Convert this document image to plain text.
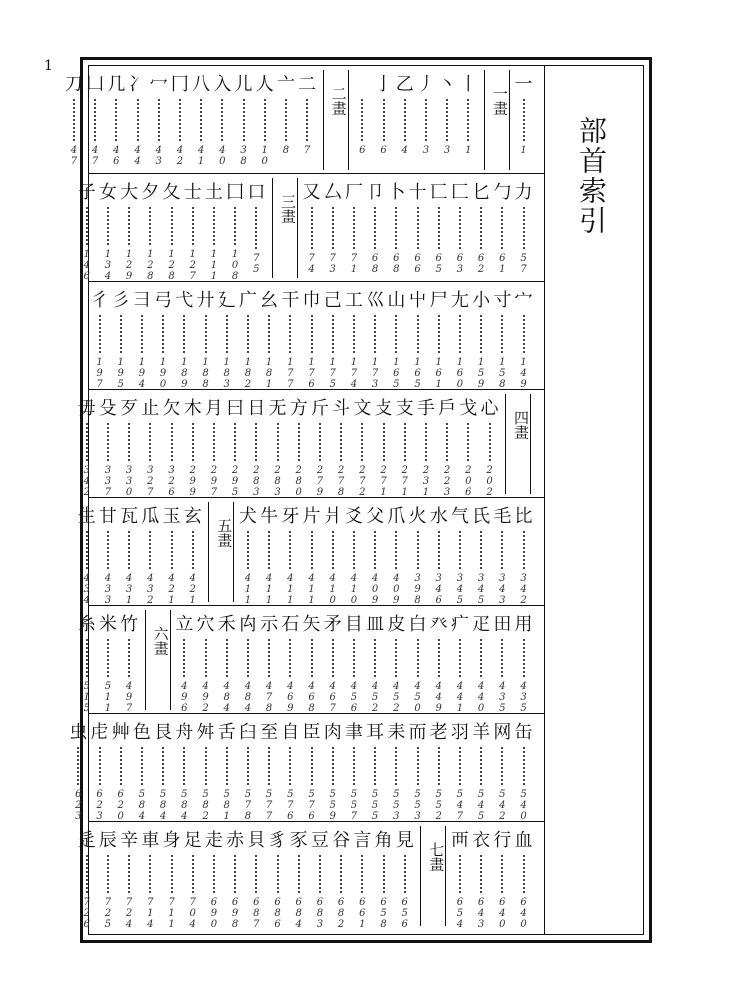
1
部首索引
一
1
一畫
丨
1
丶
3
丿
3
乙
4
亅
6
6
二畫
二
7
亠
8
人
1
0
儿
3
8
入
4
0
八
4
1
冂
4
2
冖
4
3
冫
4
4
几
4
6
凵
4
7
刀
4
7
力
5
7
勹
6
1
匕
6
2
匚
6
3
匸
6
5
十
6
6
卜
6
8
卩
6
8
厂
7
1
厶
7
3
又
7
4
三畫
口
7
5
囗
1
0
8
土
1
1
1
士
1
2
7
夂
1
2
8
夕
1
2
8
大
1
2
9
女
1
3
4
子
1
4
6
宀
1
4
9
寸
1
5
8
小
1
5
9
尢
1
6
0
尸
1
6
1
屮
1
6
5
山
1
6
5
巛
1
7
3
工
1
7
4
己
1
7
5
巾
1
7
6
干
1
7
7
幺
1
8
1
广
1
8
2
廴
1
8
3
廾
1
8
8
弋
1
8
9
弓
1
9
0
彐
1
9
4
彡
1
9
5
彳
1
9
7
四畫
心
2
0
2
戈
2
0
6
戶
2
2
3
手
2
3
1
支
2
7
1
攴
2
7
1
文
2
7
2
斗
2
7
8
斤
2
7
9
方
2
8
0
无
2
8
3
日
2
8
3
曰
2
9
5
月
2
9
7
木
2
9
9
欠
3
2
6
止
3
2
7
歹
3
3
0
殳
3
3
7
毋
3
4
2
比
3
4
2
毛
3
4
3
氏
3
4
5
气
3
4
5
水
3
4
6
火
3
9
8
爪
4
0
9
父
4
0
9
爻
4
1
0
爿
4
1
0
片
4
1
1
牙
4
1
1
牛
4
1
1
犬
4
1
1
五畫
玄
4
2
1
玉
4
2
1
瓜
4
3
2
瓦
4
3
1
甘
4
3
3
生
4
3
4
用
4
3
5
田
4
3
5
疋
4
4
0
疒
4
4
1
癶
4
4
9
白
4
5
0
皮
4
5
2
皿
4
5
2
目
4
5
6
矛
4
6
7
矢
4
6
8
石
4
6
9
示
4
7
8
禸
4
8
4
禾
4
8
4
穴
4
9
2
立
4
9
6
六畫
竹
4
9
7
米
5
1
1
糸
5
1
5
缶
5
4
0
网
5
4
2
羊
5
4
5
羽
5
4
7
老
5
5
2
而
5
5
3
耒
5
5
3
耳
5
5
5
聿
5
5
7
肉
5
5
9
臣
5
7
6
自
5
7
6
至
5
7
7
臼
5
7
8
舌
5
8
1
舛
5
8
2
舟
5
8
4
艮
5
8
4
色
5
8
4
艸
6
2
0
虍
6
2
3
虫
6
2
3
血
6
4
0
行
6
4
0
衣
6
4
3
襾
6
5
4
七畫
見
6
5
6
角
6
5
8
言
6
6
1
谷
6
8
2
豆
6
8
3
豕
6
8
4
豸
6
8
6
貝
6
8
7
赤
6
9
8
走
6
9
0
足
7
0
4
身
7
1
1
車
7
1
4
辛
7
2
4
辰
7
2
5
辵
7
2
6
